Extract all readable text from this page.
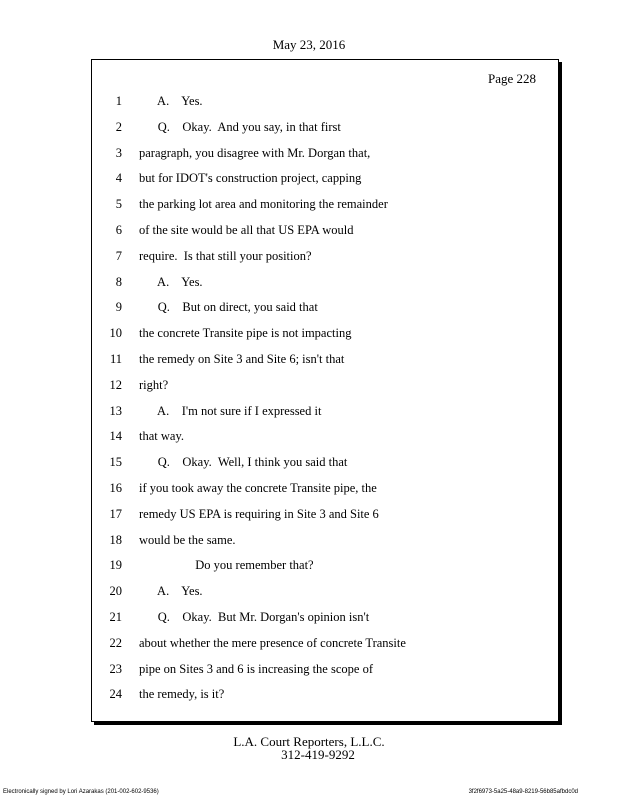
May 23, 2016
Page 228
1 A.    Yes.
2 Q.    Okay.  And you say, in that first
3 paragraph, you disagree with Mr. Dorgan that,
4 but for IDOT's construction project, capping
5 the parking lot area and monitoring the remainder
6 of the site would be all that US EPA would
7 require.  Is that still your position?
8 A.    Yes.
9 Q.    But on direct, you said that
10 the concrete Transite pipe is not impacting
11 the remedy on Site 3 and Site 6; isn't that
12 right?
13 A.    I'm not sure if I expressed it
14 that way.
15 Q.    Okay.  Well, I think you said that
16 if you took away the concrete Transite pipe, the
17 remedy US EPA is requiring in Site 3 and Site 6
18 would be the same.
19 Do you remember that?
20 A.    Yes.
21 Q.    Okay.  But Mr. Dorgan's opinion isn't
22 about whether the mere presence of concrete Transite
23 pipe on Sites 3 and 6 is increasing the scope of
24 the remedy, is it?
L.A. Court Reporters, L.L.C.
312-419-9292
Electronically signed by Lori Azarakas (201-002-602-9536)	3f2f6973-5a25-48a9-8219-56b85afbdc0d
